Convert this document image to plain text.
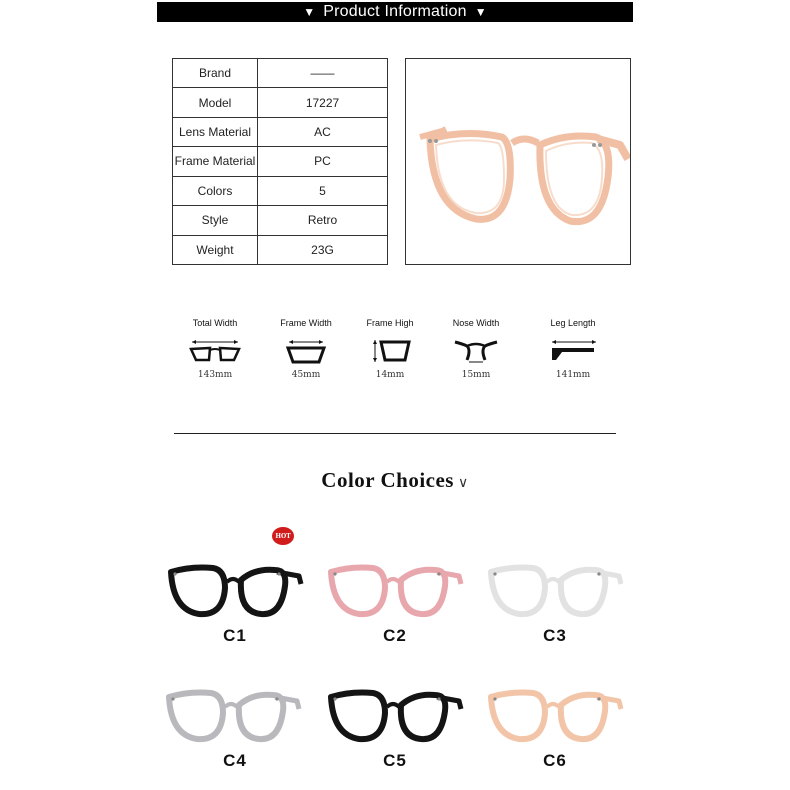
▼ Product Information ▼
Brand	——
Model	17227
Lens Material	AC
Frame Material	PC
Colors	5
Style	Retro
Weight	23G
Total Width
143mm
Frame Width
45mm
Frame High
14mm
Nose Width
15mm
Leg Length
141mm
Color Choices ∨
HOT
C1	C2	C3
C4	C5	C6
